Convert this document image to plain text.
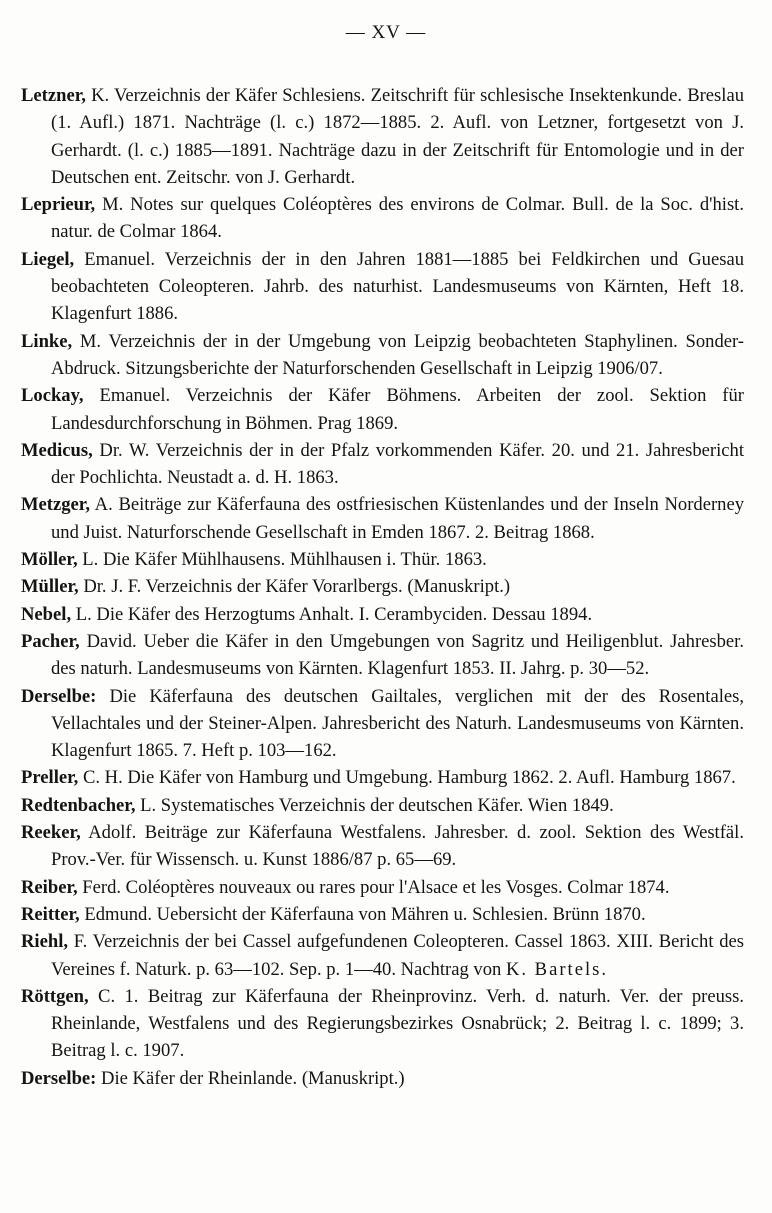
— XV —

Letzner, K. Verzeichnis der Käfer Schlesiens. Zeitschrift für schlesische Insektenkunde. Breslau (1. Aufl.) 1871. Nachträge (l. c.) 1872—1885. 2. Aufl. von Letzner, fortgesetzt von J. Gerhardt. (l. c.) 1885—1891. Nachträge dazu in der Zeitschrift für Entomologie und in der Deutschen ent. Zeitschr. von J. Gerhardt.

Leprieur, M. Notes sur quelques Coléoptères des environs de Colmar. Bull. de la Soc. d'hist. natur. de Colmar 1864.

Liegel, Emanuel. Verzeichnis der in den Jahren 1881—1885 bei Feldkirchen und Guesau beobachteten Coleopteren. Jahrb. des naturhist. Landesmuseums von Kärnten, Heft 18. Klagenfurt 1886.

Linke, M. Verzeichnis der in der Umgebung von Leipzig beobachteten Staphylinen. Sonder-Abdruck. Sitzungsberichte der Naturforschenden Gesellschaft in Leipzig 1906/07.

Lockay, Emanuel. Verzeichnis der Käfer Böhmens. Arbeiten der zool. Sektion für Landesdurchforschung in Böhmen. Prag 1869.

Medicus, Dr. W. Verzeichnis der in der Pfalz vorkommenden Käfer. 20. und 21. Jahresbericht der Pochlichta. Neustadt a. d. H. 1863.

Metzger, A. Beiträge zur Käferfauna des ostfriesischen Küstenlandes und der Inseln Norderney und Juist. Naturforschende Gesellschaft in Emden 1867. 2. Beitrag 1868.

Möller, L. Die Käfer Mühlhausens. Mühlhausen i. Thür. 1863.

Müller, Dr. J. F. Verzeichnis der Käfer Vorarlbergs. (Manuskript.)

Nebel, L. Die Käfer des Herzogtums Anhalt. I. Cerambyciden. Dessau 1894.

Pacher, David. Ueber die Käfer in den Umgebungen von Sagritz und Heiligenblut. Jahresber. des naturh. Landesmuseums von Kärnten. Klagenfurt 1853. II. Jahrg. p. 30—52.

Derselbe: Die Käferfauna des deutschen Gailtales, verglichen mit der des Rosentales, Vellachtales und der Steiner-Alpen. Jahresbericht des Naturh. Landesmuseums von Kärnten. Klagenfurt 1865. 7. Heft p. 103—162.

Preller, C. H. Die Käfer von Hamburg und Umgebung. Hamburg 1862. 2. Aufl. Hamburg 1867.

Redtenbacher, L. Systematisches Verzeichnis der deutschen Käfer. Wien 1849.

Reeker, Adolf. Beiträge zur Käferfauna Westfalens. Jahresber. d. zool. Sektion des Westfäl. Prov.-Ver. für Wissensch. u. Kunst 1886/87 p. 65—69.

Reiber, Ferd. Coléoptères nouveaux ou rares pour l'Alsace et les Vosges. Colmar 1874.

Reitter, Edmund. Uebersicht der Käferfauna von Mähren u. Schlesien. Brünn 1870.

Riehl, F. Verzeichnis der bei Cassel aufgefundenen Coleopteren. Cassel 1863. XIII. Bericht des Vereines f. Naturk. p. 63—102. Sep. p. 1—40. Nachtrag von K. Bartels.

Röttgen, C. 1. Beitrag zur Käferfauna der Rheinprovinz. Verh. d. naturh. Ver. der preuss. Rheinlande, Westfalens und des Regierungsbezirkes Osnabrück; 2. Beitrag l. c. 1899; 3. Beitrag l. c. 1907.

Derselbe: Die Käfer der Rheinlande. (Manuskript.)
